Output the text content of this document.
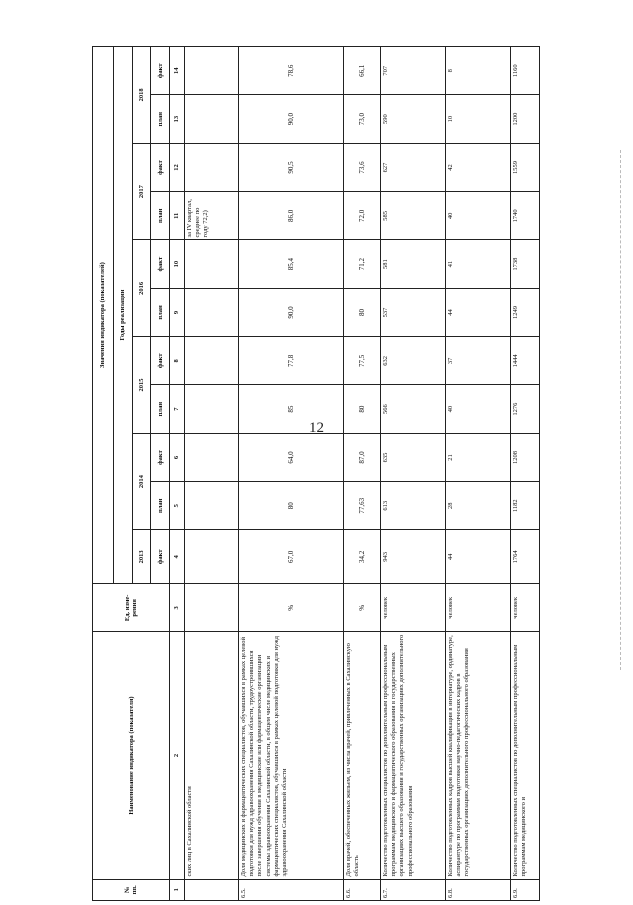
12
№ пп.	Наименование индикатора (показателя)	Ед. изме-рения	Значения индикатора (показателей)										
			Годы реализации										
			2013	2014		2015		2016		2017		2018	
			факт	план	факт	план	факт	план	факт	план	факт	план	факт
1	2	3	4	5	6	7	8	9	10	11	12	13	14
	ских лиц в Сахалинской области									за IV квартал, среднее по году 72,2)			
6.5.	Доля медицинских и фармацевтических специалистов, обучавшихся в рамках целевой подготовки для нужд здравоохранения Сахалинской области, трудоустроившихся после завершения обучения в медицинские или фармацевтические организации системы здравоохранения Сахалинской области, в общем числе медицинских и фармацевтических специалистов, обучавшихся в рамках целевой подготовки для нужд здравоохранения Сахалинской области	%	67,0	80	64,0	85	77,8	90,0	85,4	86,0	90,5	90,0	78,6
6.6.	Доля врачей, обеспеченных жильем, из числа врачей, привлеченных в Сахалинскую область	%	34,2	77,63	87,0	80	77,5	80	71,2	72,0	73,6	73,0	66,1
6.7.	Количество подготовленных специалистов по дополнительным профессиональным программам медицинского и фармацевтического образования в государственных организациях высшего образования и государственных организациях дополнительного профессионального образования	человек	943	613	635	566	632	537	581	585	627	590	707
6.8.	Количество подготовленных кадров высшей квалификации в интернатуре, ординатуре, аспирантуре по программам подготовки научно-педагогических кадров в государственных организациях дополнительного профессионального образования	человек	44	28	21	40	37	44	41	40	42	10	8
6.9.	Количество подготовленных специалистов по дополнительным профессиональным программам медицинского и	человек	1764	1182	1208	1276	1444	1249	1738	1740	1559	1200	1160
